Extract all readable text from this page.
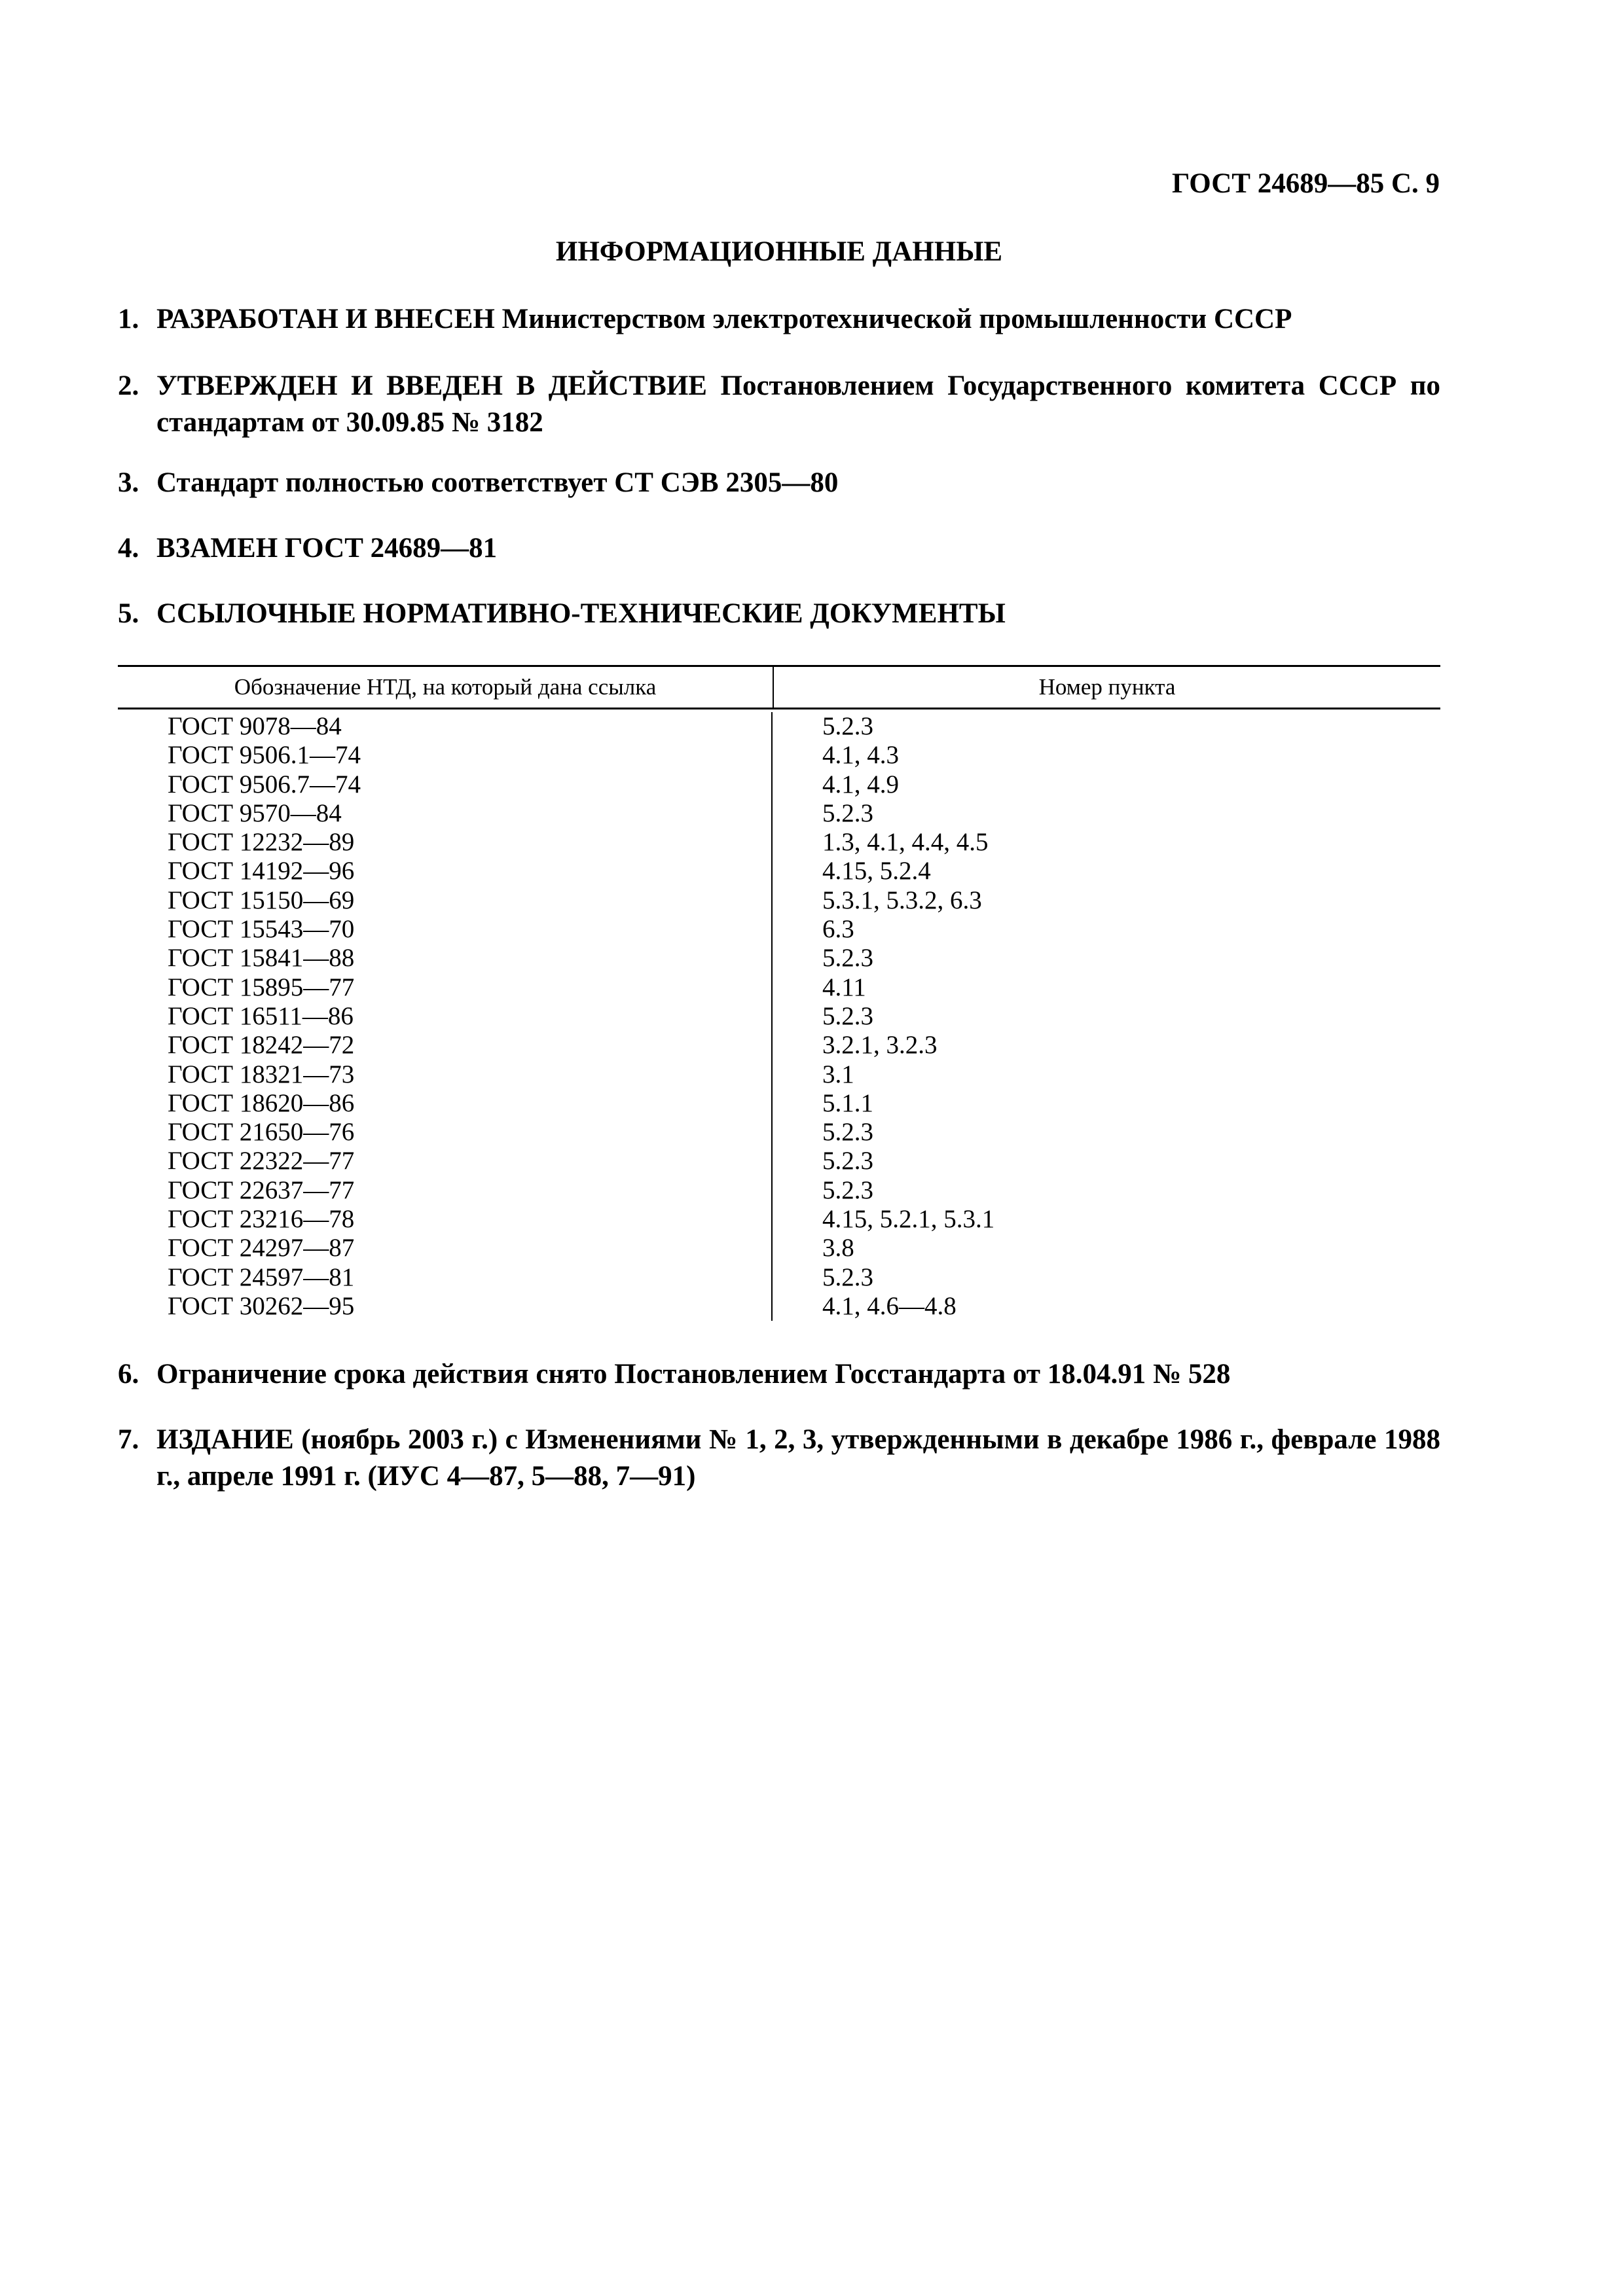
ГОСТ 24689—85 С. 9
ИНФОРМАЦИОННЫЕ ДАННЫЕ
1. РАЗРАБОТАН И ВНЕСЕН Министерством электротехнической промышленности СССР
2. УТВЕРЖДЕН И ВВЕДЕН В ДЕЙСТВИЕ Постановлением Государственного комитета СССР по стандартам от 30.09.85 № 3182
3. Стандарт полностью соответствует СТ СЭВ 2305—80
4. ВЗАМЕН ГОСТ 24689—81
5. ССЫЛОЧНЫЕ НОРМАТИВНО-ТЕХНИЧЕСКИЕ ДОКУМЕНТЫ
Обозначение НТД, на который дана ссылка	Номер пункта
ГОСТ 9078—84
ГОСТ 9506.1—74
ГОСТ 9506.7—74
ГОСТ 9570—84
ГОСТ 12232—89
ГОСТ 14192—96
ГОСТ 15150—69
ГОСТ 15543—70
ГОСТ 15841—88
ГОСТ 15895—77
ГОСТ 16511—86
ГОСТ 18242—72
ГОСТ 18321—73
ГОСТ 18620—86
ГОСТ 21650—76
ГОСТ 22322—77
ГОСТ 22637—77
ГОСТ 23216—78
ГОСТ 24297—87
ГОСТ 24597—81
ГОСТ 30262—95
5.2.3
4.1, 4.3
4.1, 4.9
5.2.3
1.3, 4.1, 4.4, 4.5
4.15, 5.2.4
5.3.1, 5.3.2, 6.3
6.3
5.2.3
4.11
5.2.3
3.2.1, 3.2.3
3.1
5.1.1
5.2.3
5.2.3
5.2.3
4.15, 5.2.1, 5.3.1
3.8
5.2.3
4.1, 4.6—4.8
6. Ограничение срока действия снято Постановлением Госстандарта от 18.04.91 № 528
7. ИЗДАНИЕ (ноябрь 2003 г.) с Изменениями № 1, 2, 3, утвержденными в декабре 1986 г., феврале 1988 г., апреле 1991 г. (ИУС 4—87, 5—88, 7—91)
